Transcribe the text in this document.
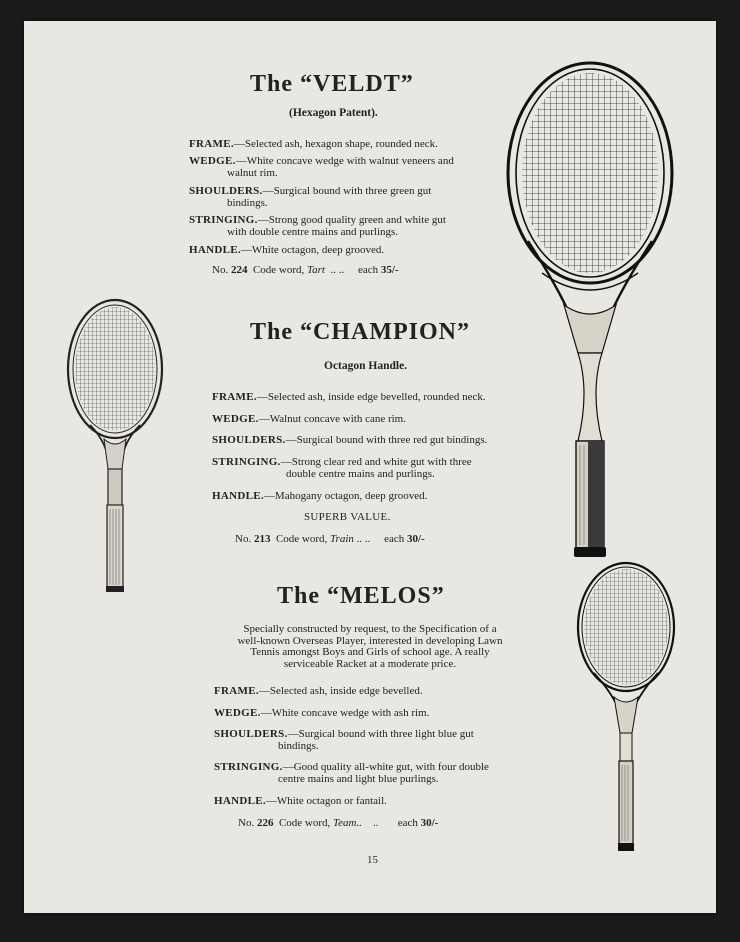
The “VELDT”
(Hexagon Patent).
FRAME.—Selected ash, hexagon shape, rounded neck.
WEDGE.—White concave wedge with walnut veneers and
walnut rim.
SHOULDERS.—Surgical bound with three green gut
bindings.
STRINGING.—Strong good quality green and white gut
with double centre mains and purlings.
HANDLE.—White octagon, deep grooved.
No. 224 Code word, Tart .. .. each 35/-
The “CHAMPION”
Octagon Handle.
FRAME.—Selected ash, inside edge bevelled, rounded neck.
WEDGE.—Walnut concave with cane rim.
SHOULDERS.—Surgical bound with three red gut bindings.
STRINGING.—Strong clear red and white gut with three
double centre mains and purlings.
HANDLE.—Mahogany octagon, deep grooved.
SUPERB VALUE.
No. 213 Code word, Train .. .. each 30/-
The “MELOS”
Specially constructed by request, to the Specification of a
well-known Overseas Player, interested in developing Lawn
Tennis amongst Boys and Girls of school age. A really
serviceable Racket at a moderate price.
FRAME.—Selected ash, inside edge bevelled.
WEDGE.—White concave wedge with ash rim.
SHOULDERS.—Surgical bound with three light blue gut
bindings.
STRINGING.—Good quality all-white gut, with four double
centre mains and light blue purlings.
HANDLE.—White octagon or fantail.
No. 226 Code word, Team.. .. each 30/-
15
